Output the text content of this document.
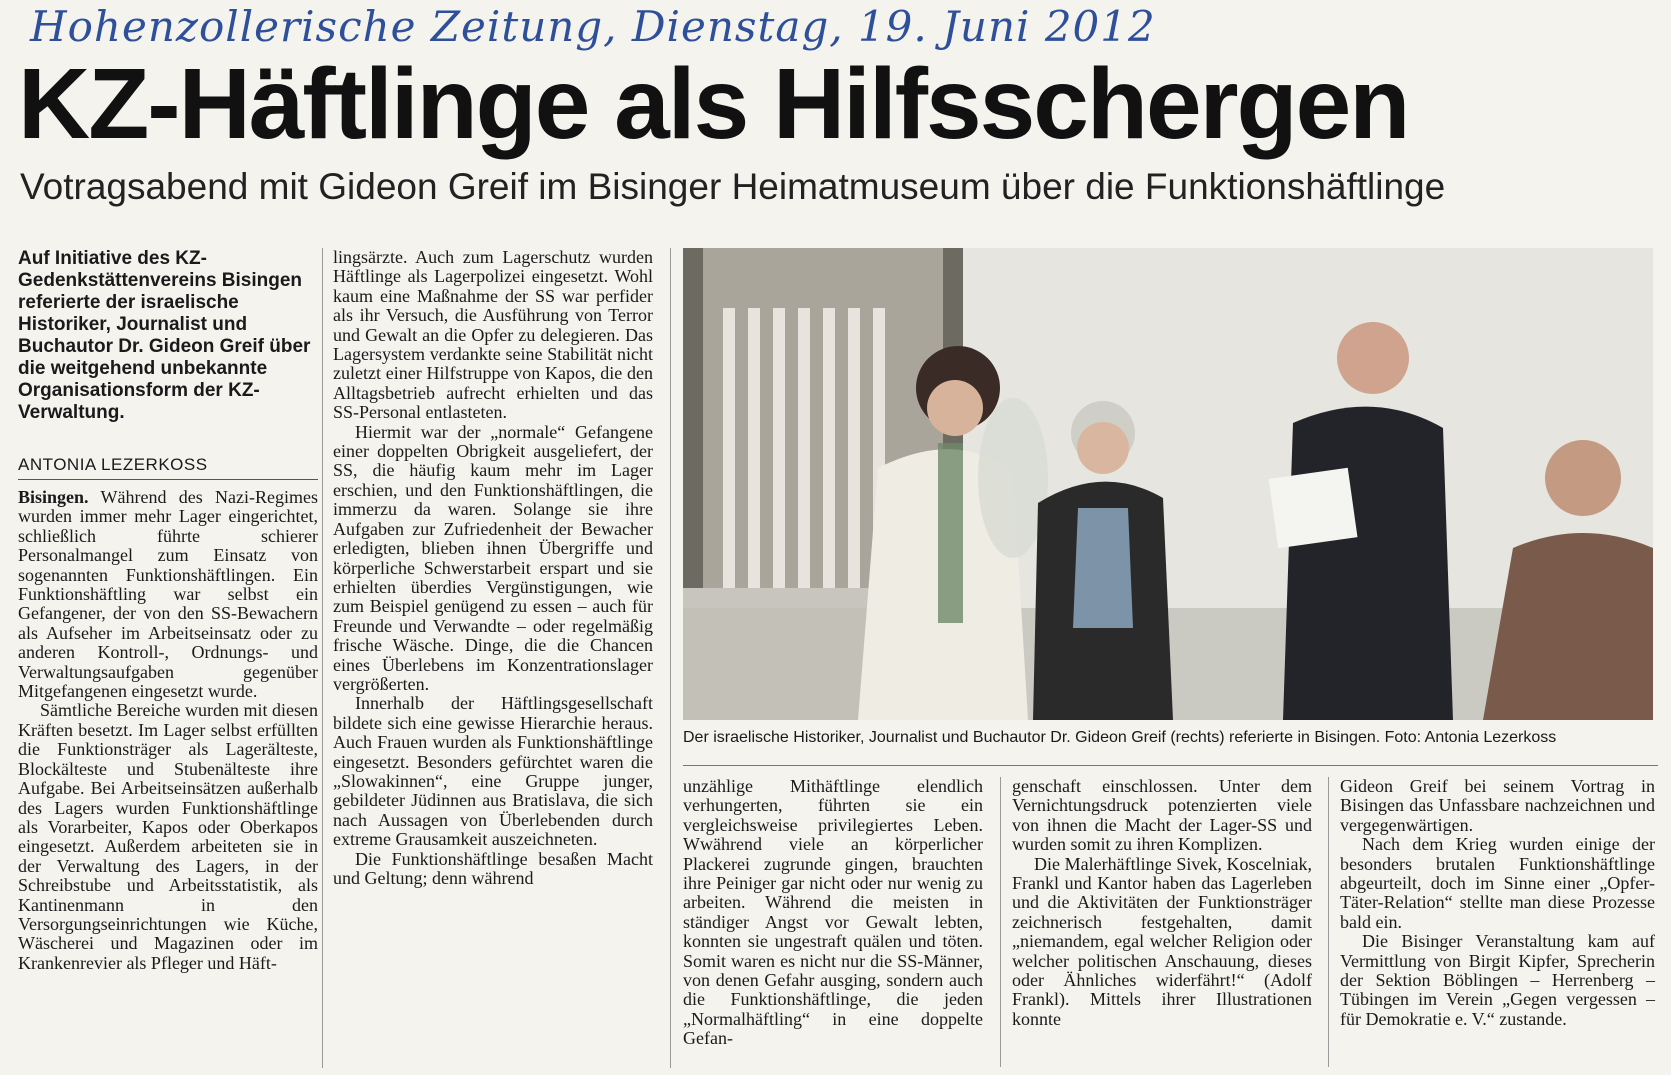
Hohenzollerische Zeitung, Dienstag, 19. Juni 2012
KZ-Häftlinge als Hilfsschergen
Votragsabend mit Gideon Greif im Bisinger Heimatmuseum über die Funktionshäftlinge
Auf Initiative des KZ-Gedenkstättenvereins Bisingen referierte der israelische Historiker, Journalist und Buchautor Dr. Gideon Greif über die weitgehend unbekannte Organisationsform der KZ-Verwaltung.
ANTONIA LEZERKOSS

Bisingen. Während des Nazi-Regimes wurden immer mehr Lager eingerichtet, schließlich führte schierer Personalmangel zum Einsatz von sogenannten Funktionshäftlingen. Ein Funktionshäftling war selbst ein Gefangener, der von den SS-Bewachern als Aufseher im Arbeitseinsatz oder zu anderen Kontroll-, Ordnungs- und Verwaltungsaufgaben gegenüber Mitgefangenen eingesetzt wurde.

Sämtliche Bereiche wurden mit diesen Kräften besetzt. Im Lager selbst erfüllten die Funktionsträger als Lagerälteste, Blockälteste und Stubenälteste ihre Aufgabe. Bei Arbeitseinsätzen außerhalb des Lagers wurden Funktionshäftlinge als Vorarbeiter, Kapos oder Oberkapos eingesetzt. Außerdem arbeiteten sie in der Verwaltung des Lagers, in der Schreibstube und Arbeitsstatistik, als Kantinenmann in den Versorgungseinrichtungen wie Küche, Wäscherei und Magazinen oder im Krankenrevier als Pfleger und Häft-

lingsärzte. Auch zum Lagerschutz wurden Häftlinge als Lagerpolizei eingesetzt. Wohl kaum eine Maßnahme der SS war perfider als ihr Versuch, die Ausführung von Terror und Gewalt an die Opfer zu delegieren. Das Lagersystem verdankte seine Stabilität nicht zuletzt einer Hilfstruppe von Kapos, die den Alltagsbetrieb aufrecht erhielten und das SS-Personal entlasteten.

Hiermit war der „normale“ Gefangene einer doppelten Obrigkeit ausgeliefert, der SS, die häufig kaum mehr im Lager erschien, und den Funktionshäftlingen, die immerzu da waren. Solange sie ihre Aufgaben zur Zufriedenheit der Bewacher erledigten, blieben ihnen Übergriffe und körperliche Schwerstarbeit erspart und sie erhielten überdies Vergünstigungen, wie zum Beispiel genügend zu essen – auch für Freunde und Verwandte – oder regelmäßig frische Wäsche. Dinge, die die Chancen eines Überlebens im Konzentrationslager vergrößerten.

Innerhalb der Häftlingsgesellschaft bildete sich eine gewisse Hierarchie heraus. Auch Frauen wurden als Funktionshäftlinge eingesetzt. Besonders gefürchtet waren die „Slowakinnen“, eine Gruppe junger, gebildeter Jüdinnen aus Bratislava, die sich nach Aussagen von Überlebenden durch extreme Grausamkeit auszeichneten.

Die Funktionshäftlinge besaßen Macht und Geltung; denn während

Der israelische Historiker, Journalist und Buchautor Dr. Gideon Greif (rechts) referierte in Bisingen. Foto: Antonia Lezerkoss

unzählige Mithäftlinge elendlich verhungerten, führten sie ein vergleichsweise privilegiertes Leben. Wwährend viele an körperlicher Plackerei zugrunde gingen, brauchten ihre Peiniger gar nicht oder nur wenig zu arbeiten. Während die meisten in ständiger Angst vor Gewalt lebten, konnten sie ungestraft quälen und töten. Somit waren es nicht nur die SS-Männer, von denen Gefahr ausging, sondern auch die Funktionshäftlinge, die jeden „Normalhäftling“ in eine doppelte Gefan-

genschaft einschlossen. Unter dem Vernichtungsdruck potenzierten viele von ihnen die Macht der Lager-SS und wurden somit zu ihren Komplizen.

Die Malerhäftlinge Sivek, Koscelniak, Frankl und Kantor haben das Lagerleben und die Aktivitäten der Funktionsträger zeichnerisch festgehalten, damit „niemandem, egal welcher Religion oder welcher politischen Anschauung, dieses oder Ähnliches widerfährt!“ (Adolf Frankl). Mittels ihrer Illustrationen konnte

Gideon Greif bei seinem Vortrag in Bisingen das Unfassbare nachzeichnen und vergegenwärtigen.

Nach dem Krieg wurden einige der besonders brutalen Funktionshäftlinge abgeurteilt, doch im Sinne einer „Opfer-Täter-Relation“ stellte man diese Prozesse bald ein.

Die Bisinger Veranstaltung kam auf Vermittlung von Birgit Kipfer, Sprecherin der Sektion Böblingen – Herrenberg – Tübingen im Verein „Gegen vergessen – für Demokratie e. V.“ zustande.
